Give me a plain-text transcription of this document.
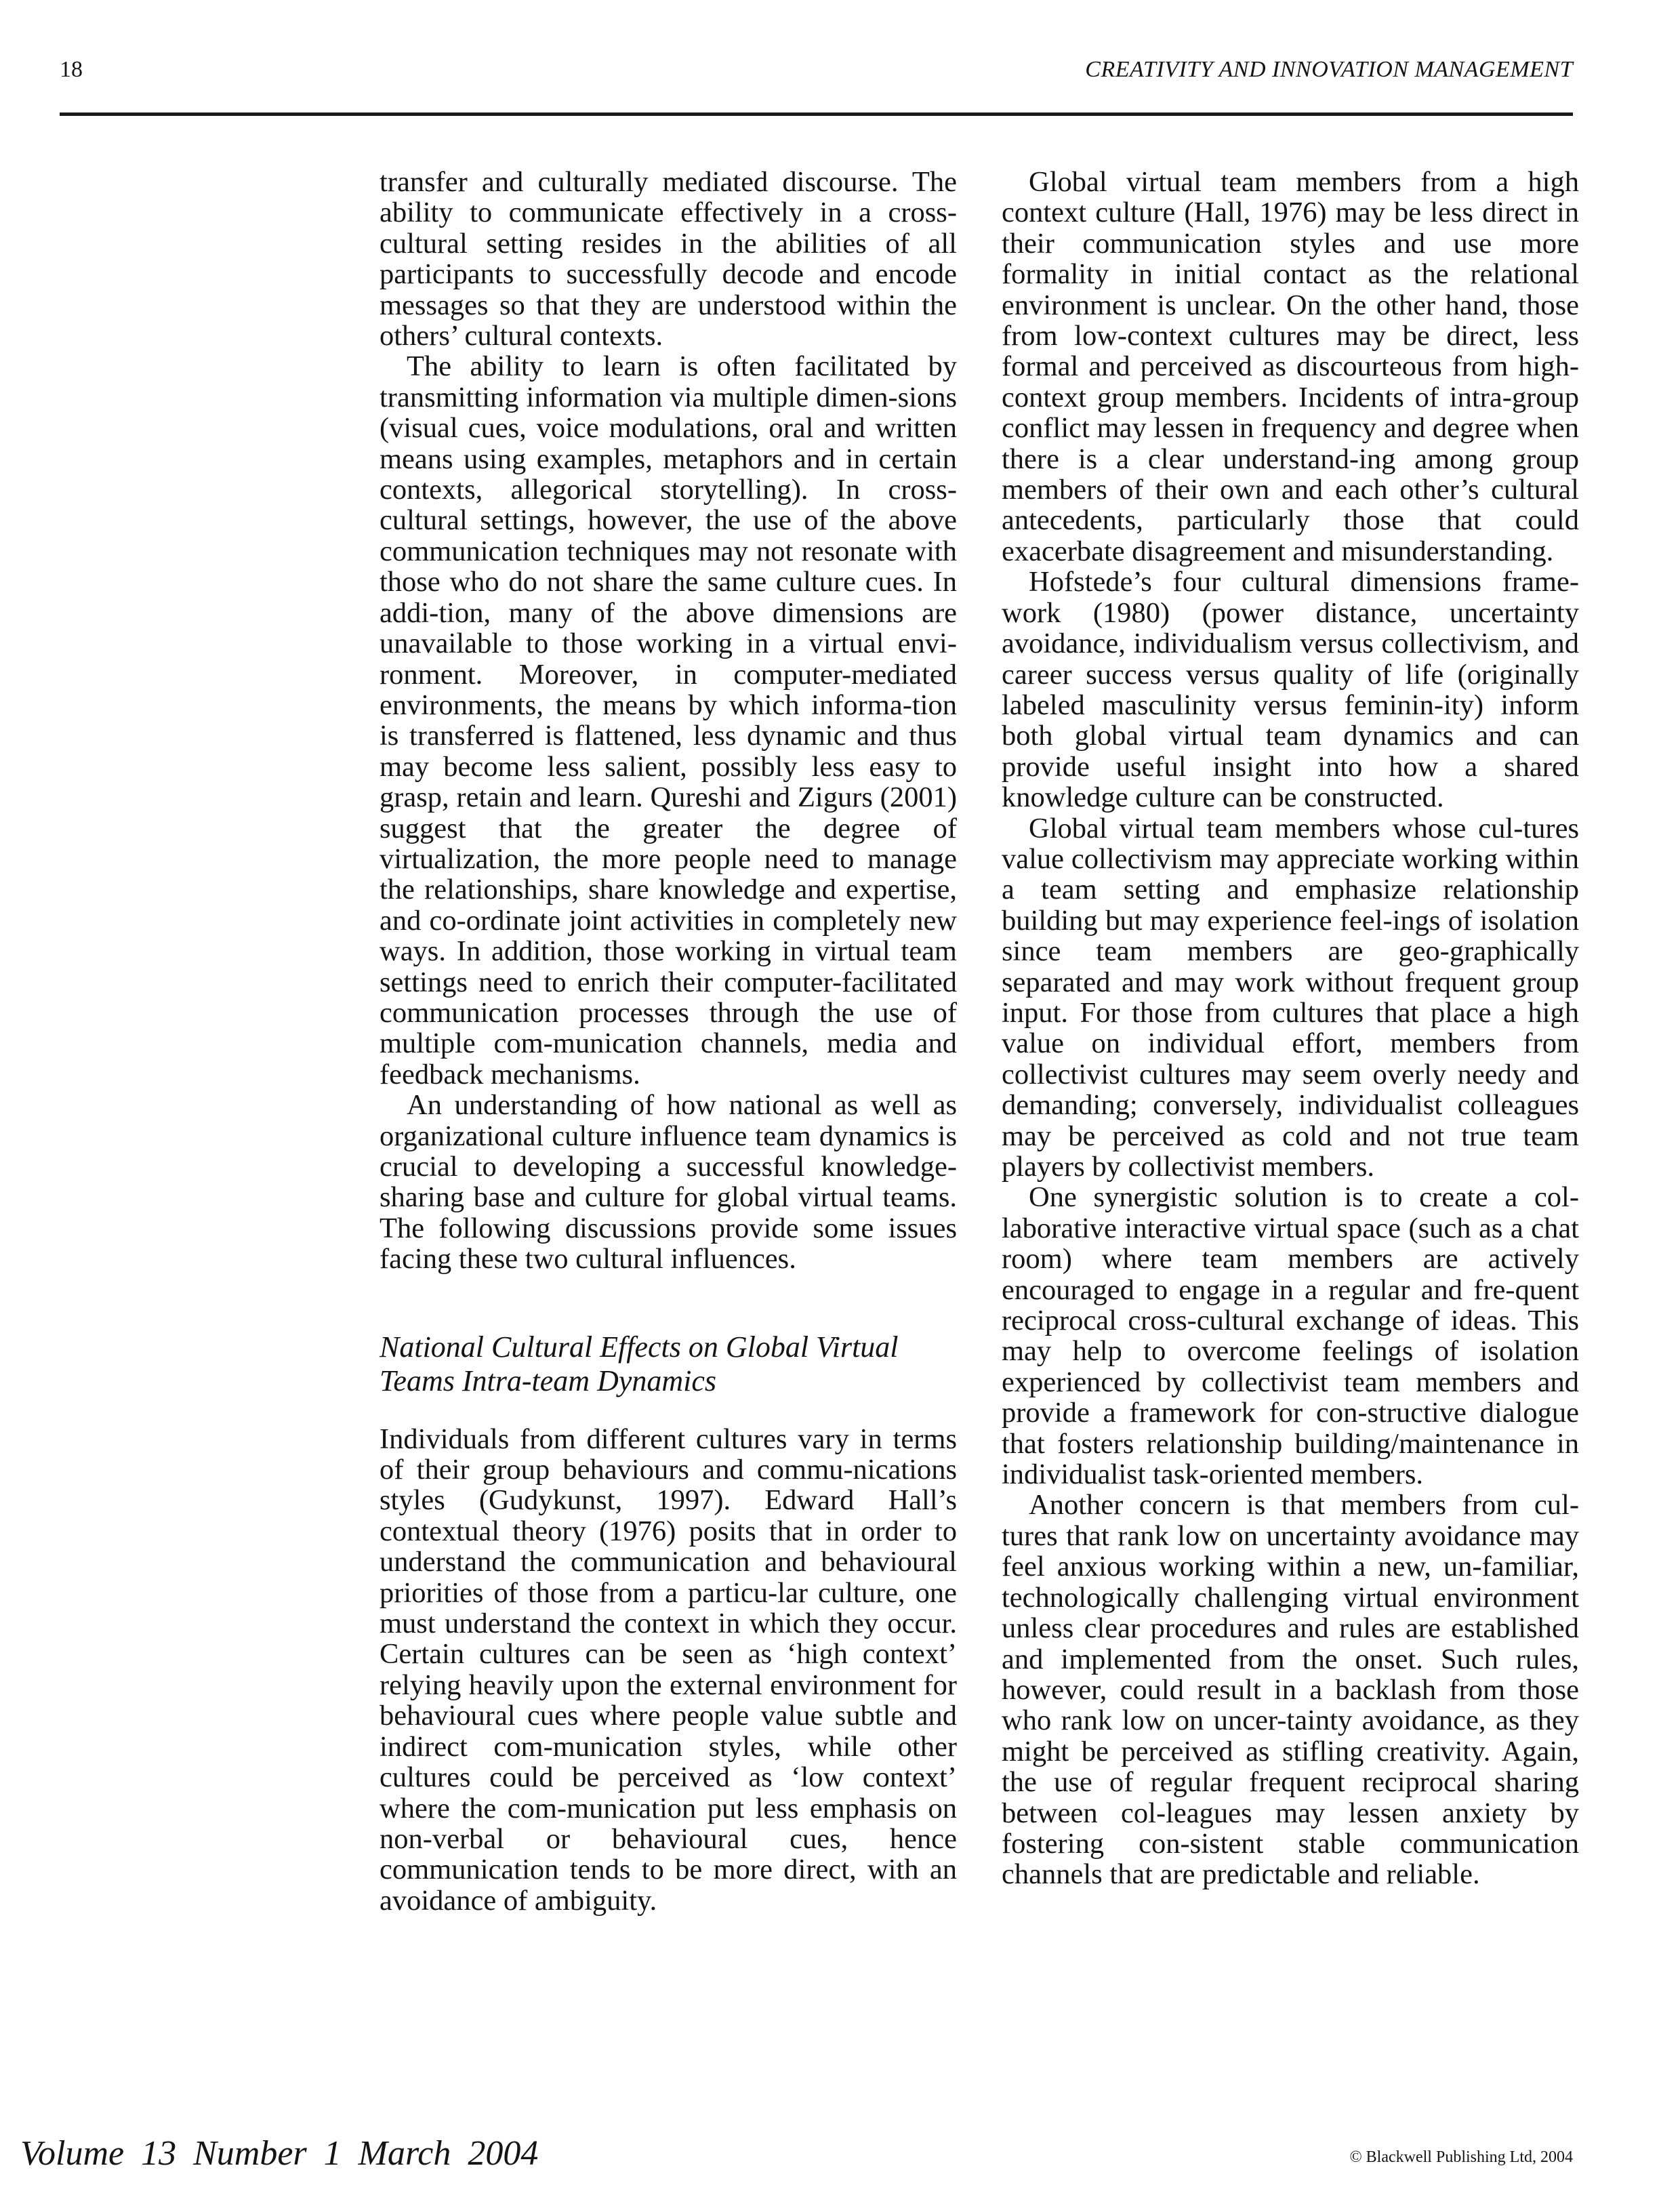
18	CREATIVITY AND INNOVATION MANAGEMENT

transfer and culturally mediated discourse. The ability to communicate effectively in a cross-cultural setting resides in the abilities of all participants to successfully decode and encode messages so that they are understood within the others’ cultural contexts.

The ability to learn is often facilitated by transmitting information via multiple dimen-sions (visual cues, voice modulations, oral and written means using examples, metaphors and in certain contexts, allegorical storytelling). In cross-cultural settings, however, the use of the above communication techniques may not resonate with those who do not share the same culture cues. In addi-tion, many of the above dimensions are unavailable to those working in a virtual envi-ronment. Moreover, in computer-mediated environments, the means by which informa-tion is transferred is flattened, less dynamic and thus may become less salient, possibly less easy to grasp, retain and learn. Qureshi and Zigurs (2001) suggest that the greater the degree of virtualization, the more people need to manage the relationships, share knowledge and expertise, and co-ordinate joint activities in completely new ways. In addition, those working in virtual team settings need to enrich their computer-facilitated communication processes through the use of multiple com-munication channels, media and feedback mechanisms.

An understanding of how national as well as organizational culture influence team dynamics is crucial to developing a successful knowledge-sharing base and culture for global virtual teams. The following discussions provide some issues facing these two cultural influences.

National Cultural Effects on Global Virtual Teams Intra-team Dynamics

Individuals from different cultures vary in terms of their group behaviours and commu-nications styles (Gudykunst, 1997). Edward Hall’s contextual theory (1976) posits that in order to understand the communication and behavioural priorities of those from a particu-lar culture, one must understand the context in which they occur. Certain cultures can be seen as ‘high context’ relying heavily upon the external environment for behavioural cues where people value subtle and indirect com-munication styles, while other cultures could be perceived as ‘low context’ where the com-munication put less emphasis on non-verbal or behavioural cues, hence communication tends to be more direct, with an avoidance of ambiguity.

Global virtual team members from a high context culture (Hall, 1976) may be less direct in their communication styles and use more formality in initial contact as the relational environment is unclear. On the other hand, those from low-context cultures may be direct, less formal and perceived as discourteous from high-context group members. Incidents of intra-group conflict may lessen in frequency and degree when there is a clear understand-ing among group members of their own and each other’s cultural antecedents, particularly those that could exacerbate disagreement and misunderstanding.

Hofstede’s four cultural dimensions frame-work (1980) (power distance, uncertainty avoidance, individualism versus collectivism, and career success versus quality of life (originally labeled masculinity versus feminin-ity) inform both global virtual team dynamics and can provide useful insight into how a shared knowledge culture can be constructed.

Global virtual team members whose cul-tures value collectivism may appreciate working within a team setting and emphasize relationship building but may experience feel-ings of isolation since team members are geo-graphically separated and may work without frequent group input. For those from cultures that place a high value on individual effort, members from collectivist cultures may seem overly needy and demanding; conversely, individualist colleagues may be perceived as cold and not true team players by collectivist members.

One synergistic solution is to create a col-laborative interactive virtual space (such as a chat room) where team members are actively encouraged to engage in a regular and fre-quent reciprocal cross-cultural exchange of ideas. This may help to overcome feelings of isolation experienced by collectivist team members and provide a framework for con-structive dialogue that fosters relationship building/maintenance in individualist task-oriented members.

Another concern is that members from cul-tures that rank low on uncertainty avoidance may feel anxious working within a new, un-familiar, technologically challenging virtual environment unless clear procedures and rules are established and implemented from the onset. Such rules, however, could result in a backlash from those who rank low on uncer-tainty avoidance, as they might be perceived as stifling creativity. Again, the use of regular frequent reciprocal sharing between col-leagues may lessen anxiety by fostering con-sistent stable communication channels that are predictable and reliable.

Volume 13 Number 1 March 2004	© Blackwell Publishing Ltd, 2004
